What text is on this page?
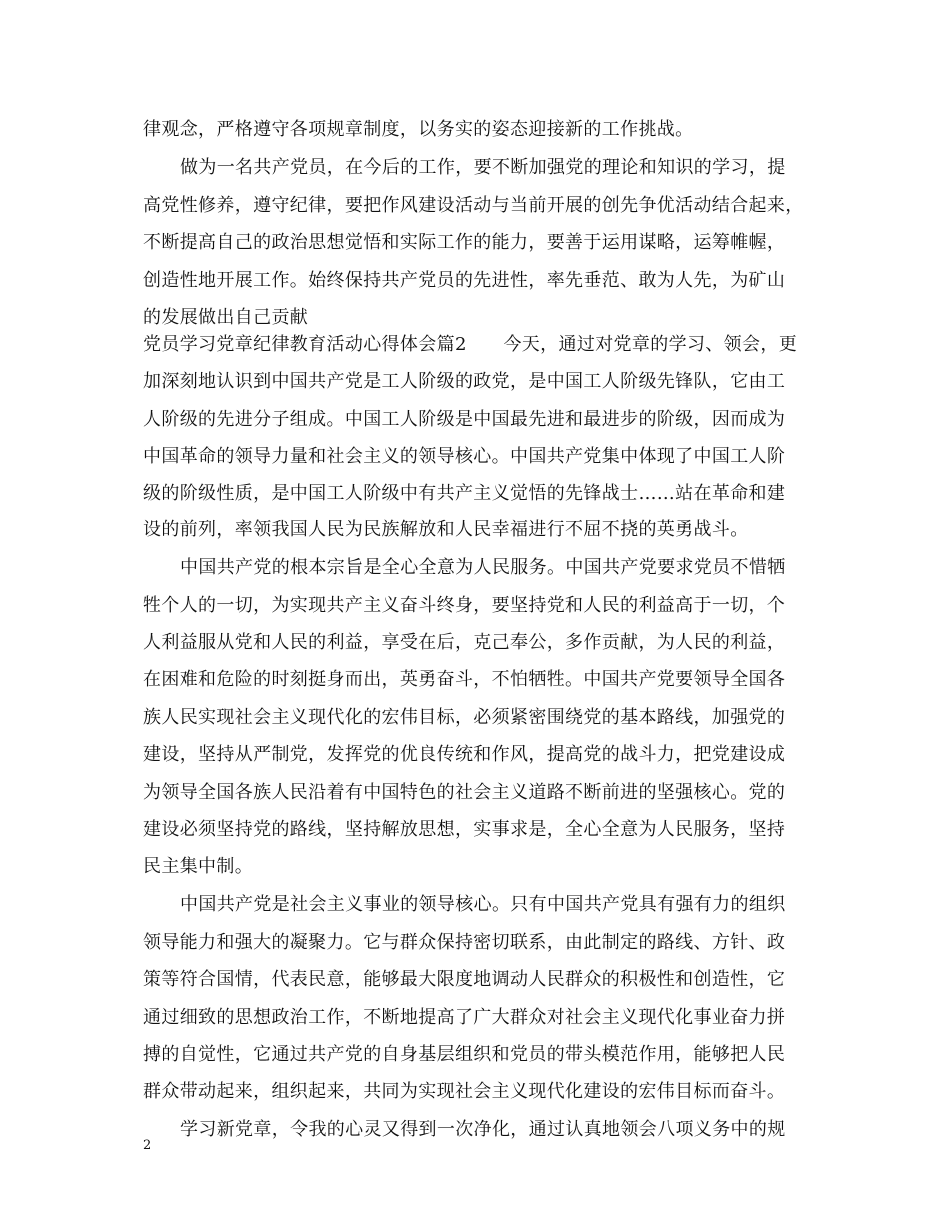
律观念，严格遵守各项规章制度，以务实的姿态迎接新的工作挑战。
做为一名共产党员，在今后的工作，要不断加强党的理论和知识的学习，提
高党性修养，遵守纪律，要把作风建设活动与当前开展的创先争优活动结合起来，
不断提高自己的政治思想觉悟和实际工作的能力，要善于运用谋略，运筹帷幄，
创造性地开展工作。始终保持共产党员的先进性，率先垂范、敢为人先，为矿山
的发展做出自己贡献
党员学习党章纪律教育活动心得体会篇2　　今天，通过对党章的学习、领会，更
加深刻地认识到中国共产党是工人阶级的政党，是中国工人阶级先锋队，它由工
人阶级的先进分子组成。中国工人阶级是中国最先进和最进步的阶级，因而成为
中国革命的领导力量和社会主义的领导核心。中国共产党集中体现了中国工人阶
级的阶级性质，是中国工人阶级中有共产主义觉悟的先锋战士……站在革命和建
设的前列，率领我国人民为民族解放和人民幸福进行不屈不挠的英勇战斗。
中国共产党的根本宗旨是全心全意为人民服务。中国共产党要求党员不惜牺
牲个人的一切，为实现共产主义奋斗终身，要坚持党和人民的利益高于一切，个
人利益服从党和人民的利益，享受在后，克己奉公，多作贡献，为人民的利益，
在困难和危险的时刻挺身而出，英勇奋斗，不怕牺牲。中国共产党要领导全国各
族人民实现社会主义现代化的宏伟目标，必须紧密围绕党的基本路线，加强党的
建设，坚持从严制党，发挥党的优良传统和作风，提高党的战斗力，把党建设成
为领导全国各族人民沿着有中国特色的社会主义道路不断前进的坚强核心。党的
建设必须坚持党的路线，坚持解放思想，实事求是，全心全意为人民服务，坚持
民主集中制。
中国共产党是社会主义事业的领导核心。只有中国共产党具有强有力的组织
领导能力和强大的凝聚力。它与群众保持密切联系，由此制定的路线、方针、政
策等符合国情，代表民意，能够最大限度地调动人民群众的积极性和创造性，它
通过细致的思想政治工作，不断地提高了广大群众对社会主义现代化事业奋力拼
搏的自觉性，它通过共产党的自身基层组织和党员的带头模范作用，能够把人民
群众带动起来，组织起来，共同为实现社会主义现代化建设的宏伟目标而奋斗。
学习新党章，令我的心灵又得到一次净化，通过认真地领会八项义务中的规
2
